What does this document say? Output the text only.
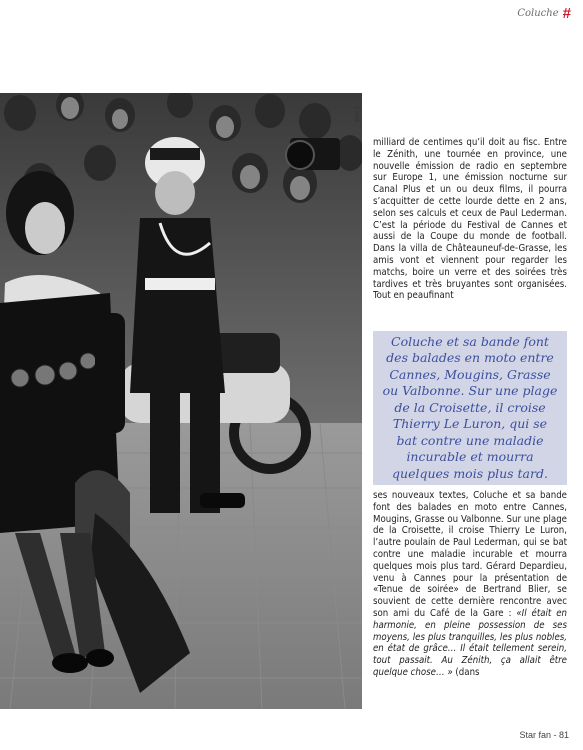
Coluche #
© SIPA

milliard de centimes qu’il doit au fisc. Entre le Zénith, une tournée en province, une nouvelle émission de radio en septembre sur Europe 1, une émission nocturne sur Canal Plus et un ou deux films, il pourra s’acquitter de cette lourde dette en 2 ans, selon ses calculs et ceux de Paul Lederman. C’est la période du Festival de Cannes et aussi de la Coupe du monde de football. Dans la villa de Châteauneuf-de-Grasse, les amis vont et viennent pour regarder les matchs, boire un verre et des soirées très tardives et très bruyantes sont organisées. Tout en peaufinant

Coluche et sa bande font des balades en moto entre Cannes, Mougins, Grasse ou Valbonne. Sur une plage de la Croisette, il croise Thierry Le Luron, qui se bat contre une maladie incurable et mourra quelques mois plus tard.

ses nouveaux textes, Coluche et sa bande font des balades en moto entre Cannes, Mougins, Grasse ou Valbonne. Sur une plage de la Croisette, il croise Thierry Le Luron, l’autre poulain de Paul Lederman, qui se bat contre une maladie incurable et mourra quelques mois plus tard. Gérard Depardieu, venu à Cannes pour la présentation de «Tenue de soirée» de Bertrand Blier, se souvient de cette dernière rencontre avec son ami du Café de la Gare : «Il était en harmonie, en pleine possession de ses moyens, les plus tranquilles, les plus nobles, en état de grâce… Il était tellement serein, tout passait. Au Zénith, ça allait être quelque chose… » (dans

Star fan - 81
